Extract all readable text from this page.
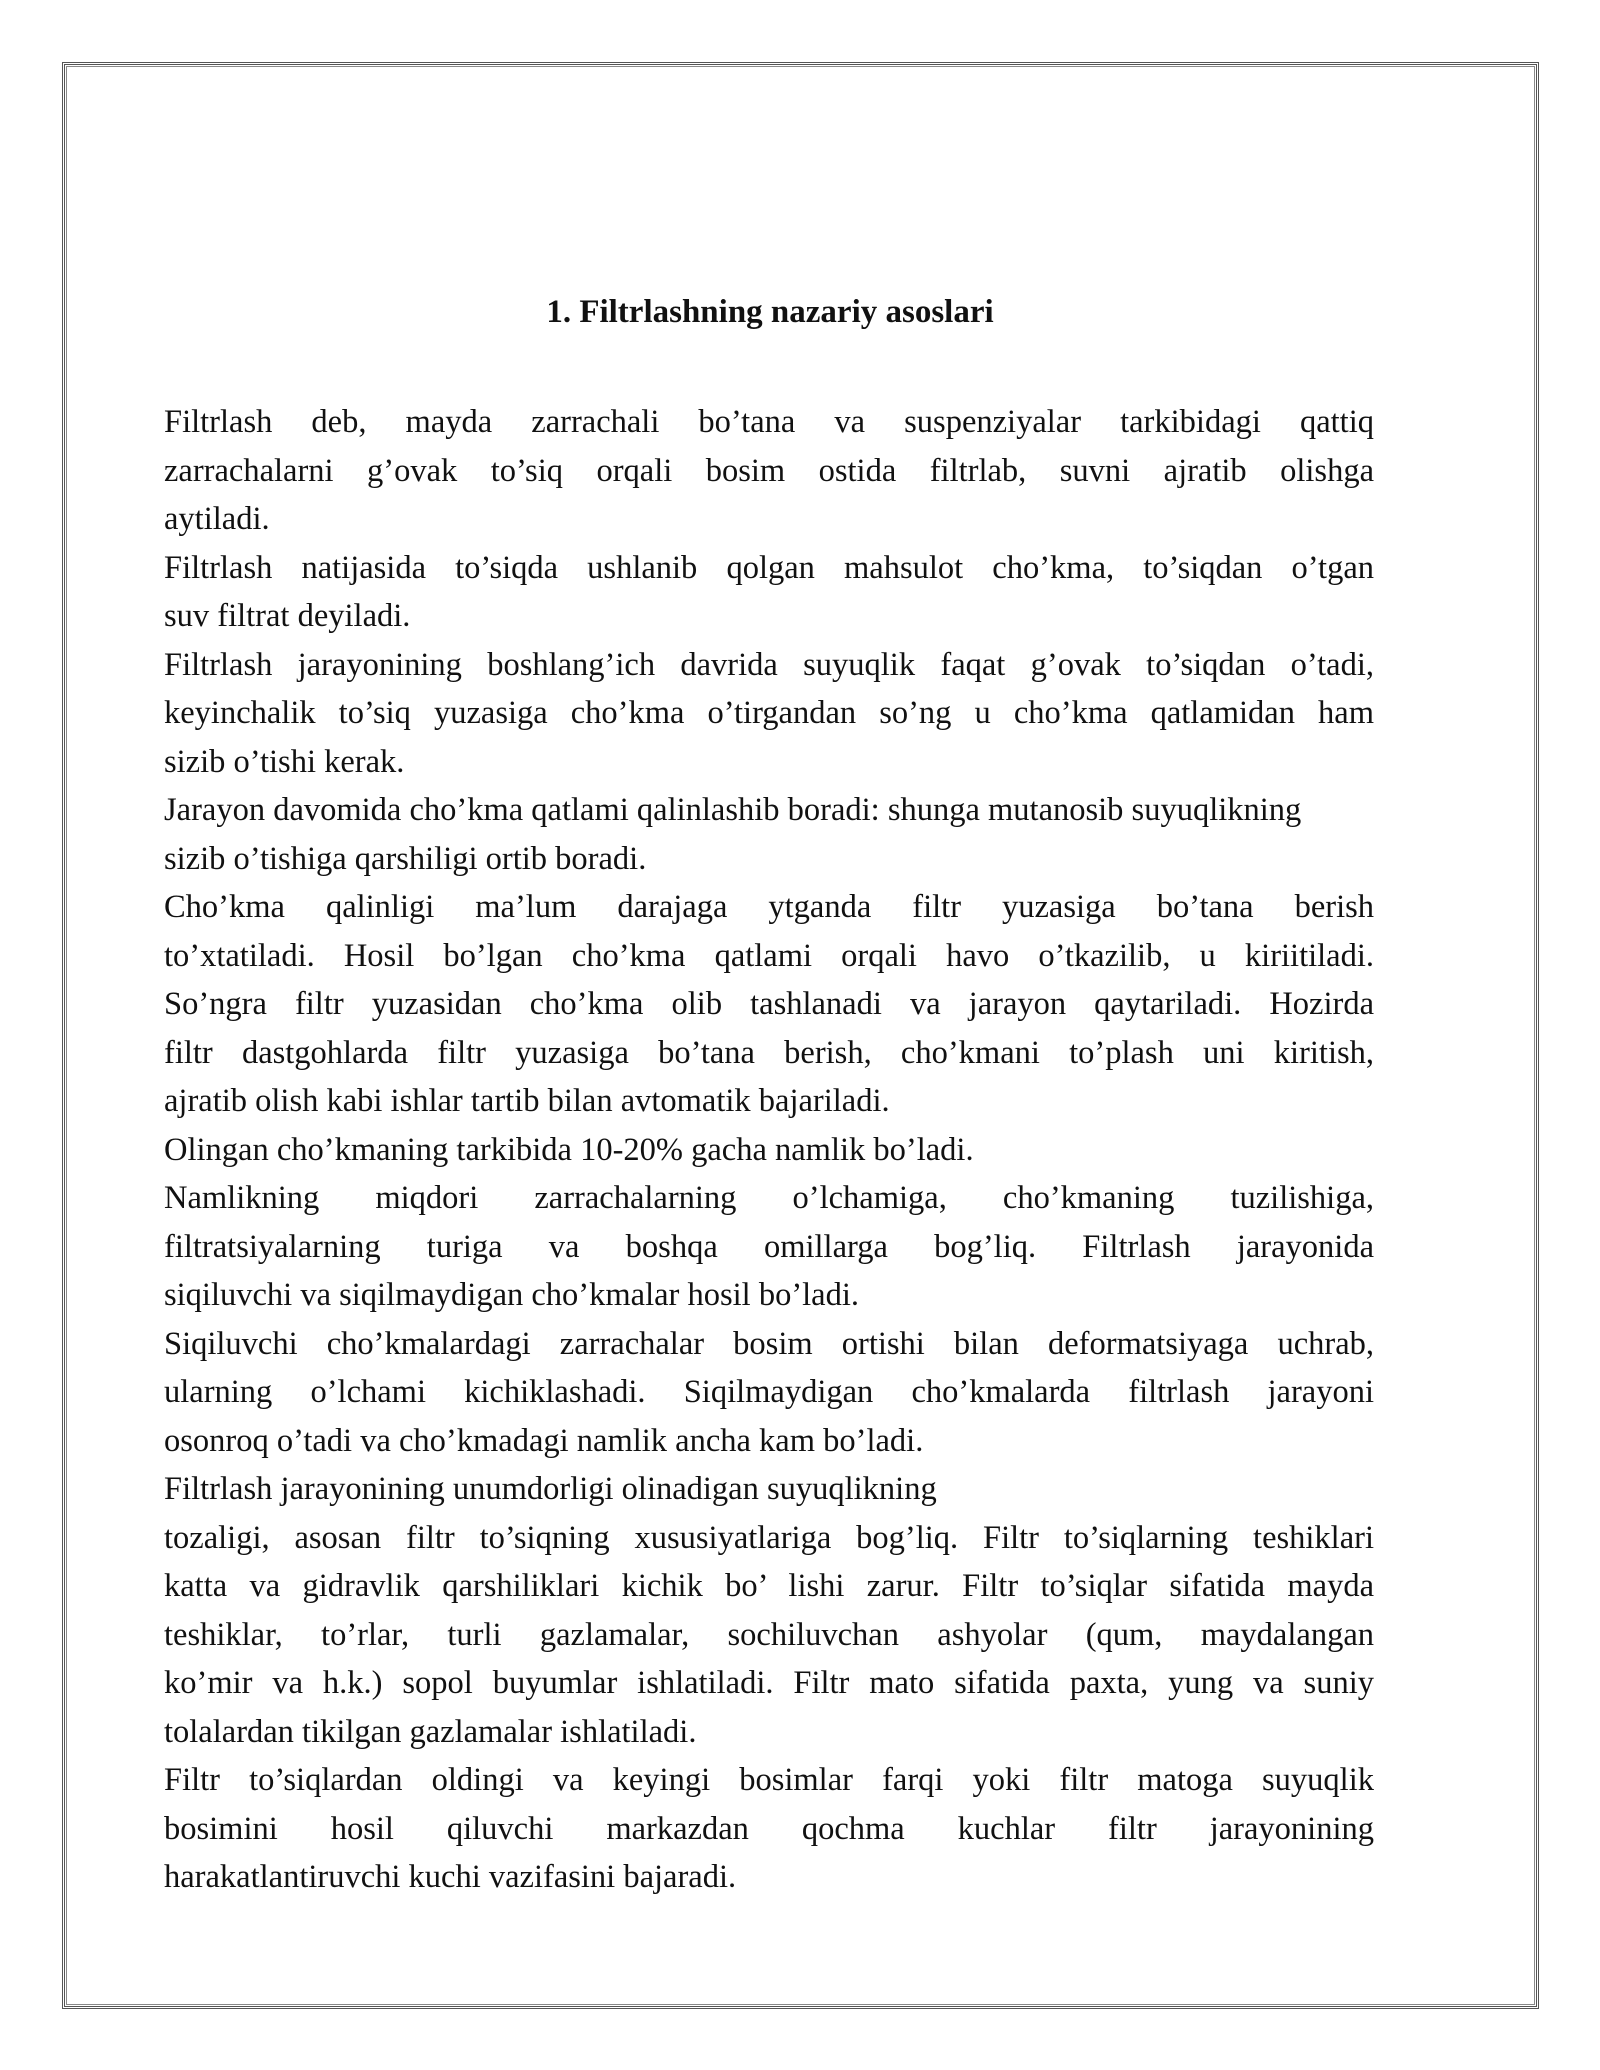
1. Filtrlashning nazariy asoslari

Filtrlash deb, mayda zarrachali bo’tana va suspenziyalar tarkibidagi qattiq
zarrachalarni g’ovak to’siq orqali bosim ostida filtrlab, suvni ajratib olishga
aytiladi.

Filtrlash natijasida to’siqda ushlanib qolgan mahsulot cho’kma, to’siqdan o’tgan
suv filtrat deyiladi.

Filtrlash jarayonining boshlang’ich davrida suyuqlik faqat g’ovak to’siqdan o’tadi,
keyinchalik to’siq yuzasiga cho’kma o’tirgandan so’ng u cho’kma qatlamidan ham
sizib o’tishi kerak.

Jarayon davomida cho’kma qatlami qalinlashib boradi: shunga mutanosib suyuqlikning
sizib o’tishiga qarshiligi ortib boradi.

Cho’kma qalinligi ma’lum darajaga ytganda filtr yuzasiga bo’tana berish
to’xtatiladi. Hosil bo’lgan cho’kma qatlami orqali havo o’tkazilib, u kiriitiladi.
So’ngra filtr yuzasidan cho’kma olib tashlanadi va jarayon qaytariladi. Hozirda
filtr dastgohlarda filtr yuzasiga bo’tana berish, cho’kmani to’plash uni kiritish,
ajratib olish kabi ishlar tartib bilan avtomatik bajariladi.

Olingan cho’kmaning tarkibida 10-20% gacha namlik bo’ladi.

Namlikning miqdori zarrachalarning o’lchamiga, cho’kmaning tuzilishiga,
filtratsiyalarning turiga va boshqa omillarga bog’liq. Filtrlash jarayonida
siqiluvchi va siqilmaydigan cho’kmalar hosil bo’ladi.

Siqiluvchi cho’kmalardagi zarrachalar bosim ortishi bilan deformatsiyaga uchrab,
ularning o’lchami kichiklashadi. Siqilmaydigan cho’kmalarda filtrlash jarayoni
osonroq o’tadi va cho’kmadagi namlik ancha kam bo’ladi.

Filtrlash jarayonining unumdorligi olinadigan suyuqlikning

tozaligi, asosan filtr to’siqning xususiyatlariga bog’liq. Filtr to’siqlarning teshiklari
katta va gidravlik qarshiliklari kichik bo’ lishi zarur. Filtr to’siqlar sifatida mayda
teshiklar, to’rlar, turli gazlamalar, sochiluvchan ashyolar (qum, maydalangan
ko’mir va h.k.) sopol buyumlar ishlatiladi. Filtr mato sifatida paxta, yung va suniy
tolalardan tikilgan gazlamalar ishlatiladi.

Filtr to’siqlardan oldingi va keyingi bosimlar farqi yoki filtr matoga suyuqlik
bosimini hosil qiluvchi markazdan qochma kuchlar filtr jarayonining
harakatlantiruvchi kuchi vazifasini bajaradi.
